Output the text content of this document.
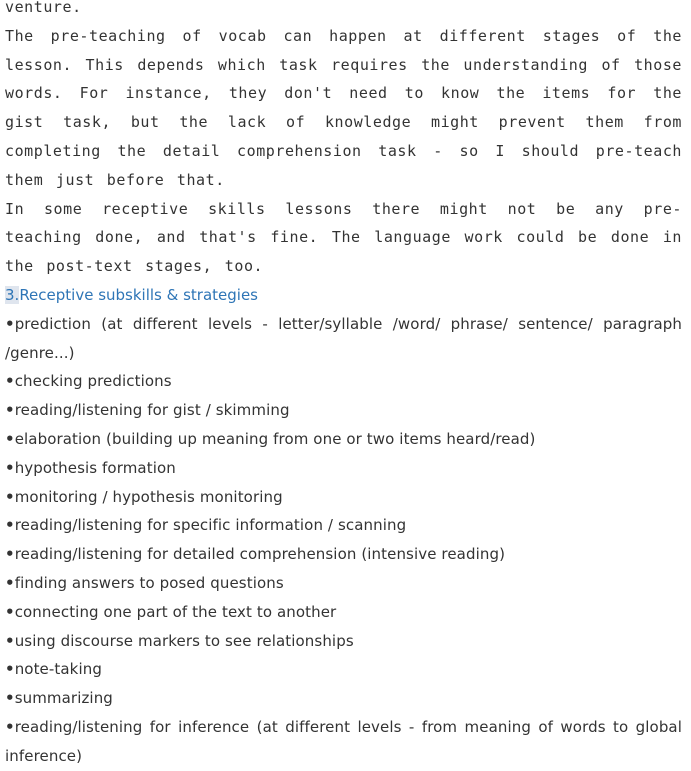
venture.

The pre-teaching of vocab can happen at different stages of the lesson. This depends which task requires the understanding of those words. For instance, they don't need to know the items for the gist task, but the lack of knowledge might prevent them from completing the detail comprehension task - so I should pre-teach them just before that.

In some receptive skills lessons there might not be any pre-teaching done, and that's fine. The language work could be done in the post-text stages, too.

3.Receptive subskills & strategies

•prediction (at different levels - letter/syllable /word/ phrase/ sentence/ paragraph /genre...)
•checking predictions
•reading/listening for gist / skimming
•elaboration (building up meaning from one or two items heard/read)
•hypothesis formation
•monitoring / hypothesis monitoring
•reading/listening for specific information / scanning
•reading/listening for detailed comprehension (intensive reading)
•finding answers to posed questions
•connecting one part of the text to another
•using discourse markers to see relationships
•note-taking
•summarizing
•reading/listening for inference (at different levels - from meaning of words to global inference)
